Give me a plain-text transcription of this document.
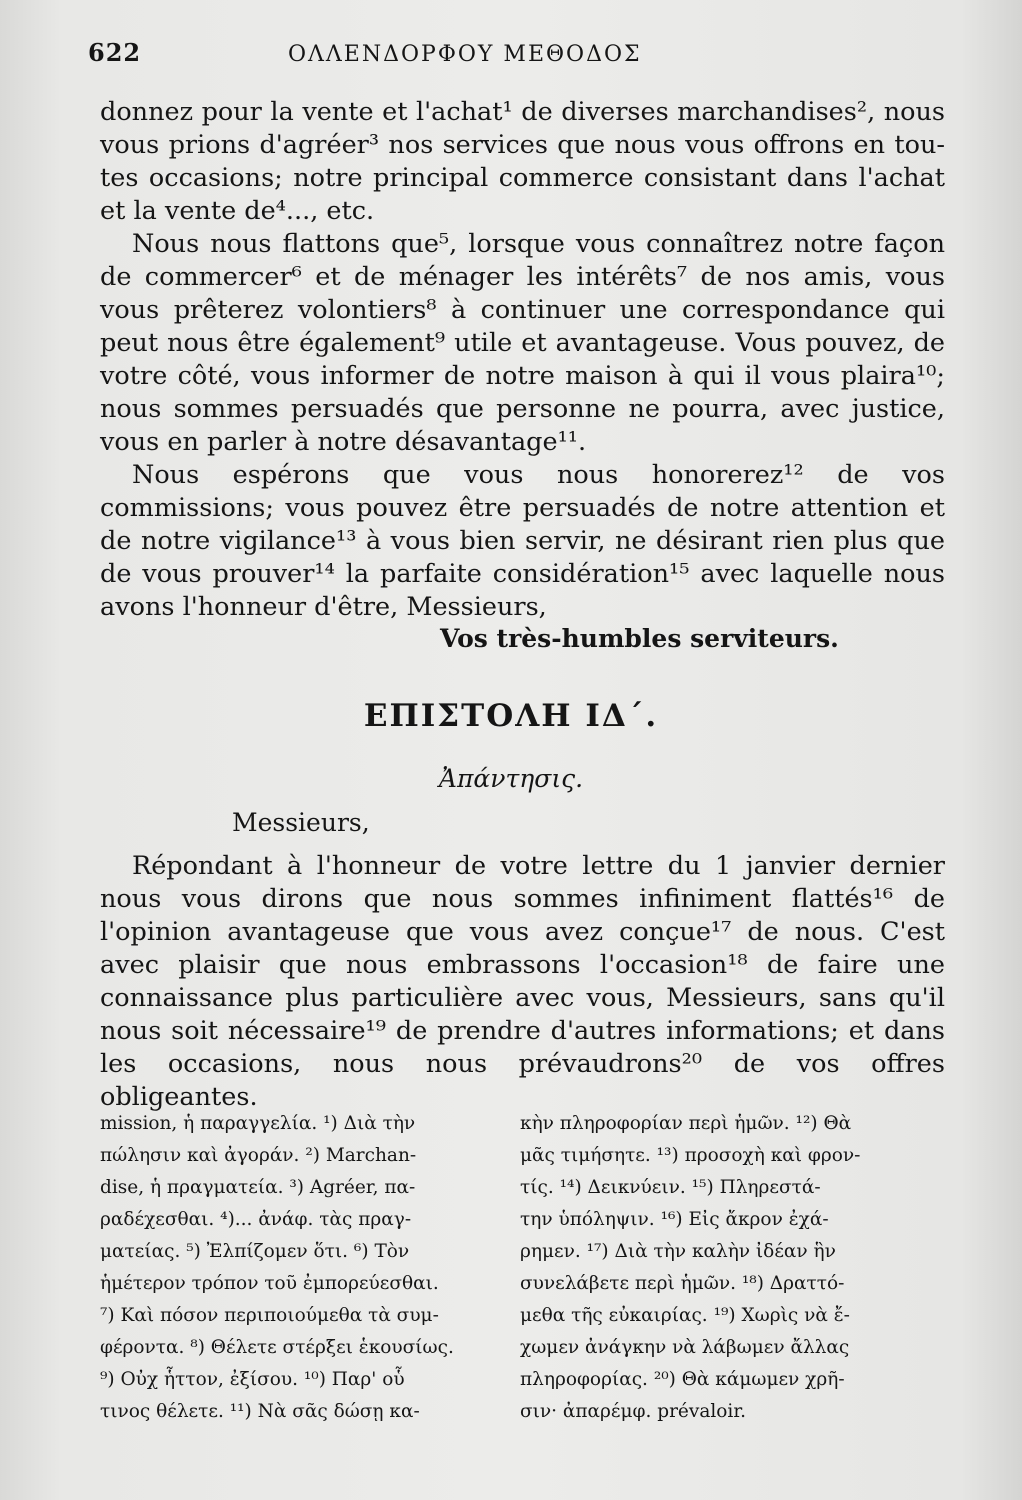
622	ΟΛΛΕΝΔΟΡΦΟΥ ΜΕΘΟΔΟΣ

donnez pour la vente et l'achat¹ de diverses marchandises², nous vous prions d'agréer³ nos services que nous vous offrons en tou- tes occasions; notre principal commerce consistant dans l'achat et la vente de⁴..., etc.

Nous nous flattons que⁵, lorsque vous connaîtrez notre façon de commercer⁶ et de ménager les intérêts⁷ de nos amis, vous vous prêterez volontiers⁸ à continuer une correspondance qui peut nous être également⁹ utile et avantageuse. Vous pouvez, de votre côté, vous informer de notre maison à qui il vous plaira¹⁰; nous sommes persuadés que personne ne pourra, avec justice, vous en parler à notre désavantage¹¹.

Nous espérons que vous nous honorerez¹² de vos commissions; vous pouvez être persuadés de notre attention et de notre vigilance¹³ à vous bien servir, ne désirant rien plus que de vous prouver¹⁴ la parfaite considération¹⁵ avec laquelle nous avons l'honneur d'être, Messieurs,

Vos très-humbles serviteurs.
ΕΠΙΣΤΟΛΗ ΙΔ΄.
Ἀπάντησις.
Messieurs,

Répondant à l'honneur de votre lettre du 1 janvier dernier nous vous dirons que nous sommes infiniment flattés¹⁶ de l'opinion avantageuse que vous avez conçue¹⁷ de nous. C'est avec plaisir que nous embrassons l'occasion¹⁸ de faire une connaissance plus particulière avec vous, Messieurs, sans qu'il nous soit nécessaire¹⁹ de prendre d'autres informations; et dans les occasions, nous nous prévaudrons²⁰ de vos offres obligeantes.

mission, ἡ παραγγελία. ¹) Διὰ τὴν
πώλησιν καὶ ἀγοράν. ²) Marchan-
dise, ἡ πραγματεία. ³) Agréer, πα-
ραδέχεσθαι. ⁴)... ἀνάφ. τὰς πραγ-
ματείας. ⁵) Ἐλπίζομεν ὅτι. ⁶) Τὸν
ἡμέτερον τρόπον τοῦ ἐμπορεύεσθαι.
⁷) Καὶ πόσον περιποιούμεθα τὰ συμ-
φέροντα. ⁸) Θέλετε στέρξει ἑκουσίως.
⁹) Οὐχ ἧττον, ἐξίσου. ¹⁰) Παρ' οὗ
τινος θέλετε. ¹¹) Νὰ σᾶς δώσῃ κα-
κὴν πληροφορίαν περὶ ἡμῶν. ¹²) Θὰ
μᾶς τιμήσητε. ¹³) προσοχὴ καὶ φρον-
τίς. ¹⁴) Δεικνύειν. ¹⁵) Πληρεστά-
την ὑπόληψιν. ¹⁶) Εἰς ἄκρον ἐχά-
ρημεν. ¹⁷) Διὰ τὴν καλὴν ἰδέαν ἣν
συνελάβετε περὶ ἡμῶν. ¹⁸) Δραττό-
μεθα τῆς εὐκαιρίας. ¹⁹) Χωρὶς νὰ ἔ-
χωμεν ἀνάγκην νὰ λάβωμεν ἄλλας
πληροφορίας. ²⁰) Θὰ κάμωμεν χρῆ-
σιν· ἀπαρέμφ. prévaloir.
